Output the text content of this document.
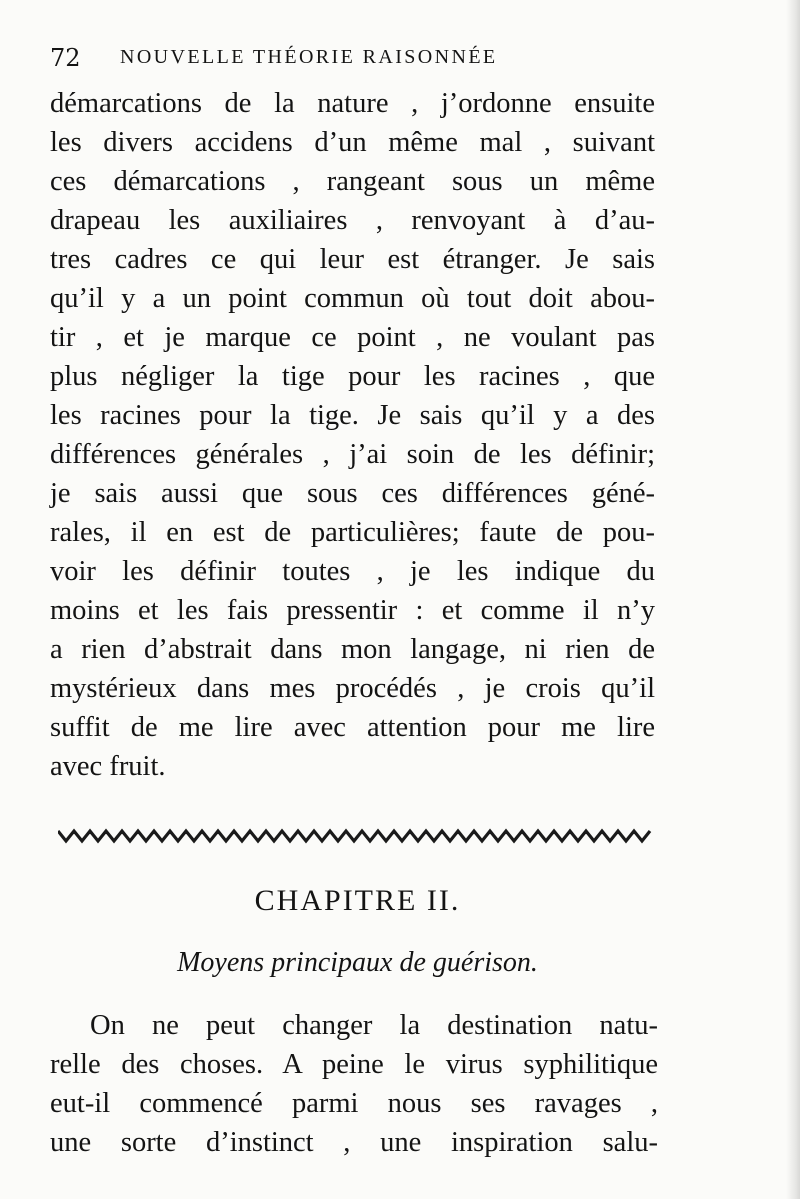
72 NOUVELLE THÉORIE RAISONNÉE
démarcations de la nature , j’ordonne ensuite
les divers accidens d’un même mal , suivant
ces démarcations , rangeant sous un même
drapeau les auxiliaires , renvoyant à d’au-
tres cadres ce qui leur est étranger. Je sais
qu’il y a un point commun où tout doit abou-
tir , et je marque ce point , ne voulant pas
plus négliger la tige pour les racines , que
les racines pour la tige. Je sais qu’il y a des
différences générales , j’ai soin de les définir;
je sais aussi que sous ces différences géné-
rales, il en est de particulières; faute de pou-
voir les définir toutes , je les indique du
moins et les fais pressentir : et comme il n’y
a rien d’abstrait dans mon langage, ni rien de
mystérieux dans mes procédés , je crois qu’il
suffit de me lire avec attention pour me lire
avec fruit.
CHAPITRE II.
Moyens principaux de guérison.
On ne peut changer la destination natu-
relle des choses. A peine le virus syphilitique
eut-il commencé parmi nous ses ravages ,
une sorte d’instinct , une inspiration salu-
